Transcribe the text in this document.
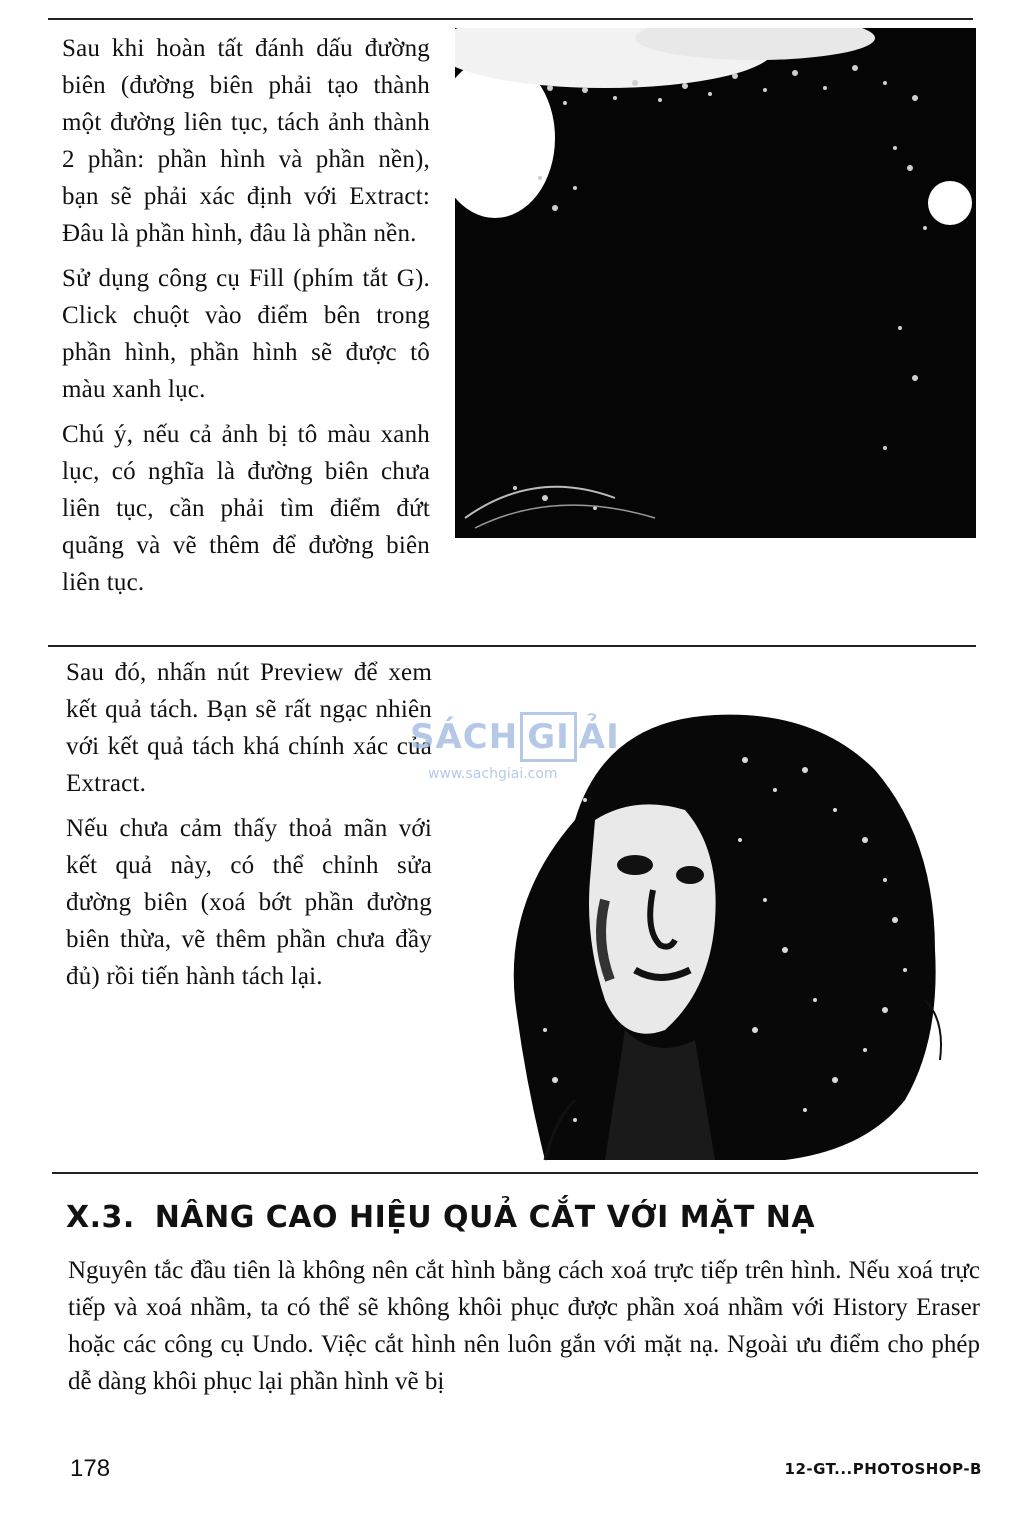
Sau khi hoàn tất đánh dấu đường biên (đường biên phải tạo thành một đường liên tục, tách ảnh thành 2 phần: phần hình và phần nền), bạn sẽ phải xác định với Extract: Đâu là phần hình, đâu là phần nền.

Sử dụng công cụ Fill (phím tắt G). Click chuột vào điểm bên trong phần hình, phần hình sẽ được tô màu xanh lục.

Chú ý, nếu cả ảnh bị tô màu xanh lục, có nghĩa là đường biên chưa liên tục, cần phải tìm điểm đứt quãng và vẽ thêm để đường biên liên tục.

Sau đó, nhấn nút Preview để xem kết quả tách. Bạn sẽ rất ngạc nhiên với kết quả tách khá chính xác của Extract.

Nếu chưa cảm thấy thoả mãn với kết quả này, có thể chỉnh sửa đường biên (xoá bớt phần đường biên thừa, vẽ thêm phần chưa đầy đủ) rồi tiến hành tách lại.

SÁCH GI ẢI
www.sachgiai.com
X.3. NÂNG CAO HIỆU QUẢ CẮT VỚI MẶT NẠ
Nguyên tắc đầu tiên là không nên cắt hình bằng cách xoá trực tiếp trên hình. Nếu xoá trực tiếp và xoá nhầm, ta có thể sẽ không khôi phục được phần xoá nhầm với History Eraser hoặc các công cụ Undo. Việc cắt hình nên luôn gắn với mặt nạ. Ngoài ưu điểm cho phép dễ dàng khôi phục lại phần hình vẽ bị
178	12-GT...PHOTOSHOP-B
